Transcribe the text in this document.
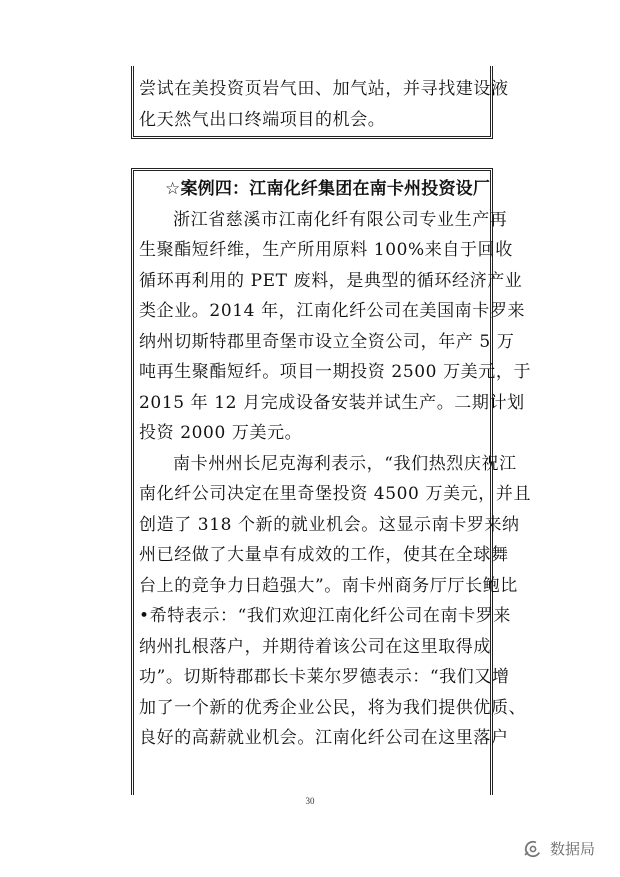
尝试在美投资页岩气田、加气站，并寻找建设液
化天然气出口终端项目的机会。
☆案例四：江南化纤集团在南卡州投资设厂
浙江省慈溪市江南化纤有限公司专业生产再
生聚酯短纤维，生产所用原料 100%来自于回收
循环再利用的 PET 废料，是典型的循环经济产业
类企业。2014 年，江南化纤公司在美国南卡罗来
纳州切斯特郡里奇堡市设立全资公司，年产 5 万
吨再生聚酯短纤。项目一期投资 2500 万美元，于
2015 年 12 月完成设备安装并试生产。二期计划
投资 2000 万美元。
南卡州州长尼克海利表示，“我们热烈庆祝江
南化纤公司决定在里奇堡投资 4500 万美元，并且
创造了 318 个新的就业机会。这显示南卡罗来纳
州已经做了大量卓有成效的工作，使其在全球舞
台上的竞争力日趋强大”。南卡州商务厅厅长鲍比
•希特表示：“我们欢迎江南化纤公司在南卡罗来
纳州扎根落户，并期待着该公司在这里取得成
功”。切斯特郡郡长卡莱尔罗德表示：“我们又增
加了一个新的优秀企业公民，将为我们提供优质、
良好的高薪就业机会。江南化纤公司在这里落户
30
数据局
